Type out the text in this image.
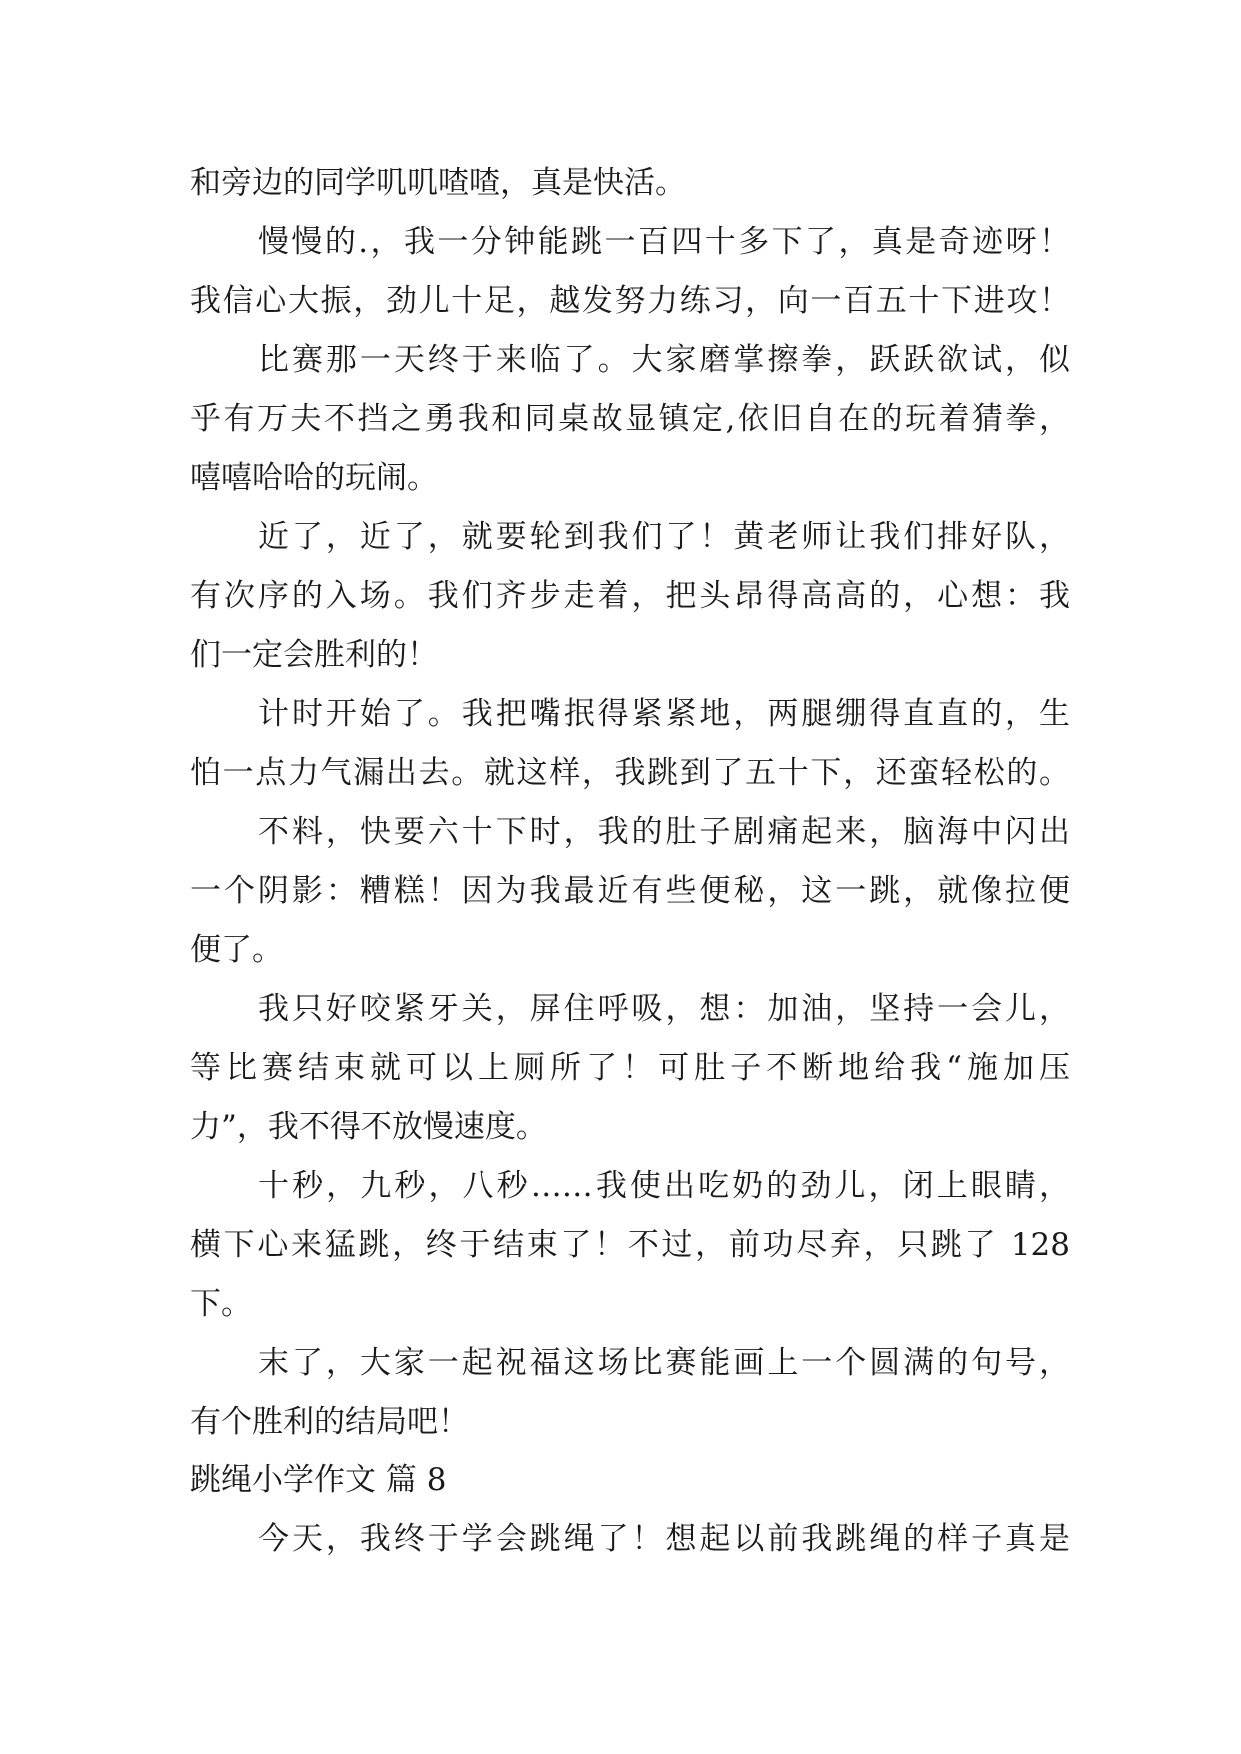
和旁边的同学叽叽喳喳，真是快活。
慢慢的.，我一分钟能跳一百四十多下了，真是奇迹呀！
我信心大振，劲儿十足，越发努力练习，向一百五十下进攻！
比赛那一天终于来临了。大家磨掌擦拳，跃跃欲试，似
乎有万夫不挡之勇我和同桌故显镇定,依旧自在的玩着猜拳，
嘻嘻哈哈的玩闹。
近了，近了，就要轮到我们了！黄老师让我们排好队，
有次序的入场。我们齐步走着，把头昂得高高的，心想：我
们一定会胜利的！
计时开始了。我把嘴抿得紧紧地，两腿绷得直直的，生
怕一点力气漏出去。就这样，我跳到了五十下，还蛮轻松的。
不料，快要六十下时，我的肚子剧痛起来，脑海中闪出
一个阴影：糟糕！因为我最近有些便秘，这一跳，就像拉便
便了。
我只好咬紧牙关，屏住呼吸，想：加油，坚持一会儿，
等比赛结束就可以上厕所了！可肚子不断地给我“施加压
力”，我不得不放慢速度。
十秒，九秒，八秒……我使出吃奶的劲儿，闭上眼睛，
横下心来猛跳，终于结束了！不过，前功尽弃，只跳了 128
下。
末了，大家一起祝福这场比赛能画上一个圆满的句号，
有个胜利的结局吧！
跳绳小学作文 篇 8
今天，我终于学会跳绳了！想起以前我跳绳的样子真是
